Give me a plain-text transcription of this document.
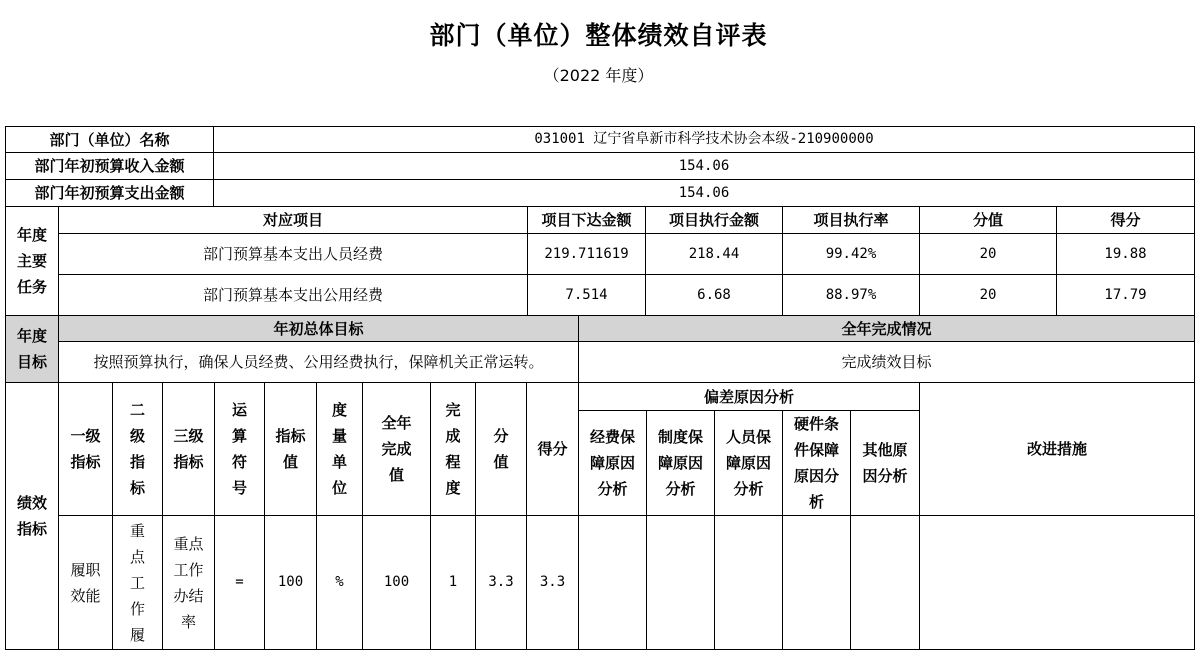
部门（单位）整体绩效自评表
（2022 年度）
部门（单位）名称	031001 辽宁省阜新市科学技术协会本级-210900000
部门年初预算收入金额	154.06
部门年初预算支出金额	154.06
年度主要任务	对应项目	项目下达金额	项目执行金额	项目执行率	分值	得分
	部门预算基本支出人员经费	219.711619	218.44	99.42%	20	19.88
	部门预算基本支出公用经费	7.514	6.68	88.97%	20	17.79
年度目标	年初总体目标	全年完成情况
	按照预算执行，确保人员经费、公用经费执行，保障机关正常运转。	完成绩效目标
绩效指标	一级指标	二级指标	三级指标	运算符号	指标值	度量单位	全年完成值	完成程度	分值	得分	偏差原因分析					改进措施
											经费保障原因分析	制度保障原因分析	人员保障原因分析	硬件条件保障原因分析	其他原因分析	
	履职效能	重点工作履	重点工作办结率	=	100	%	100	1	3.3	3.3						
